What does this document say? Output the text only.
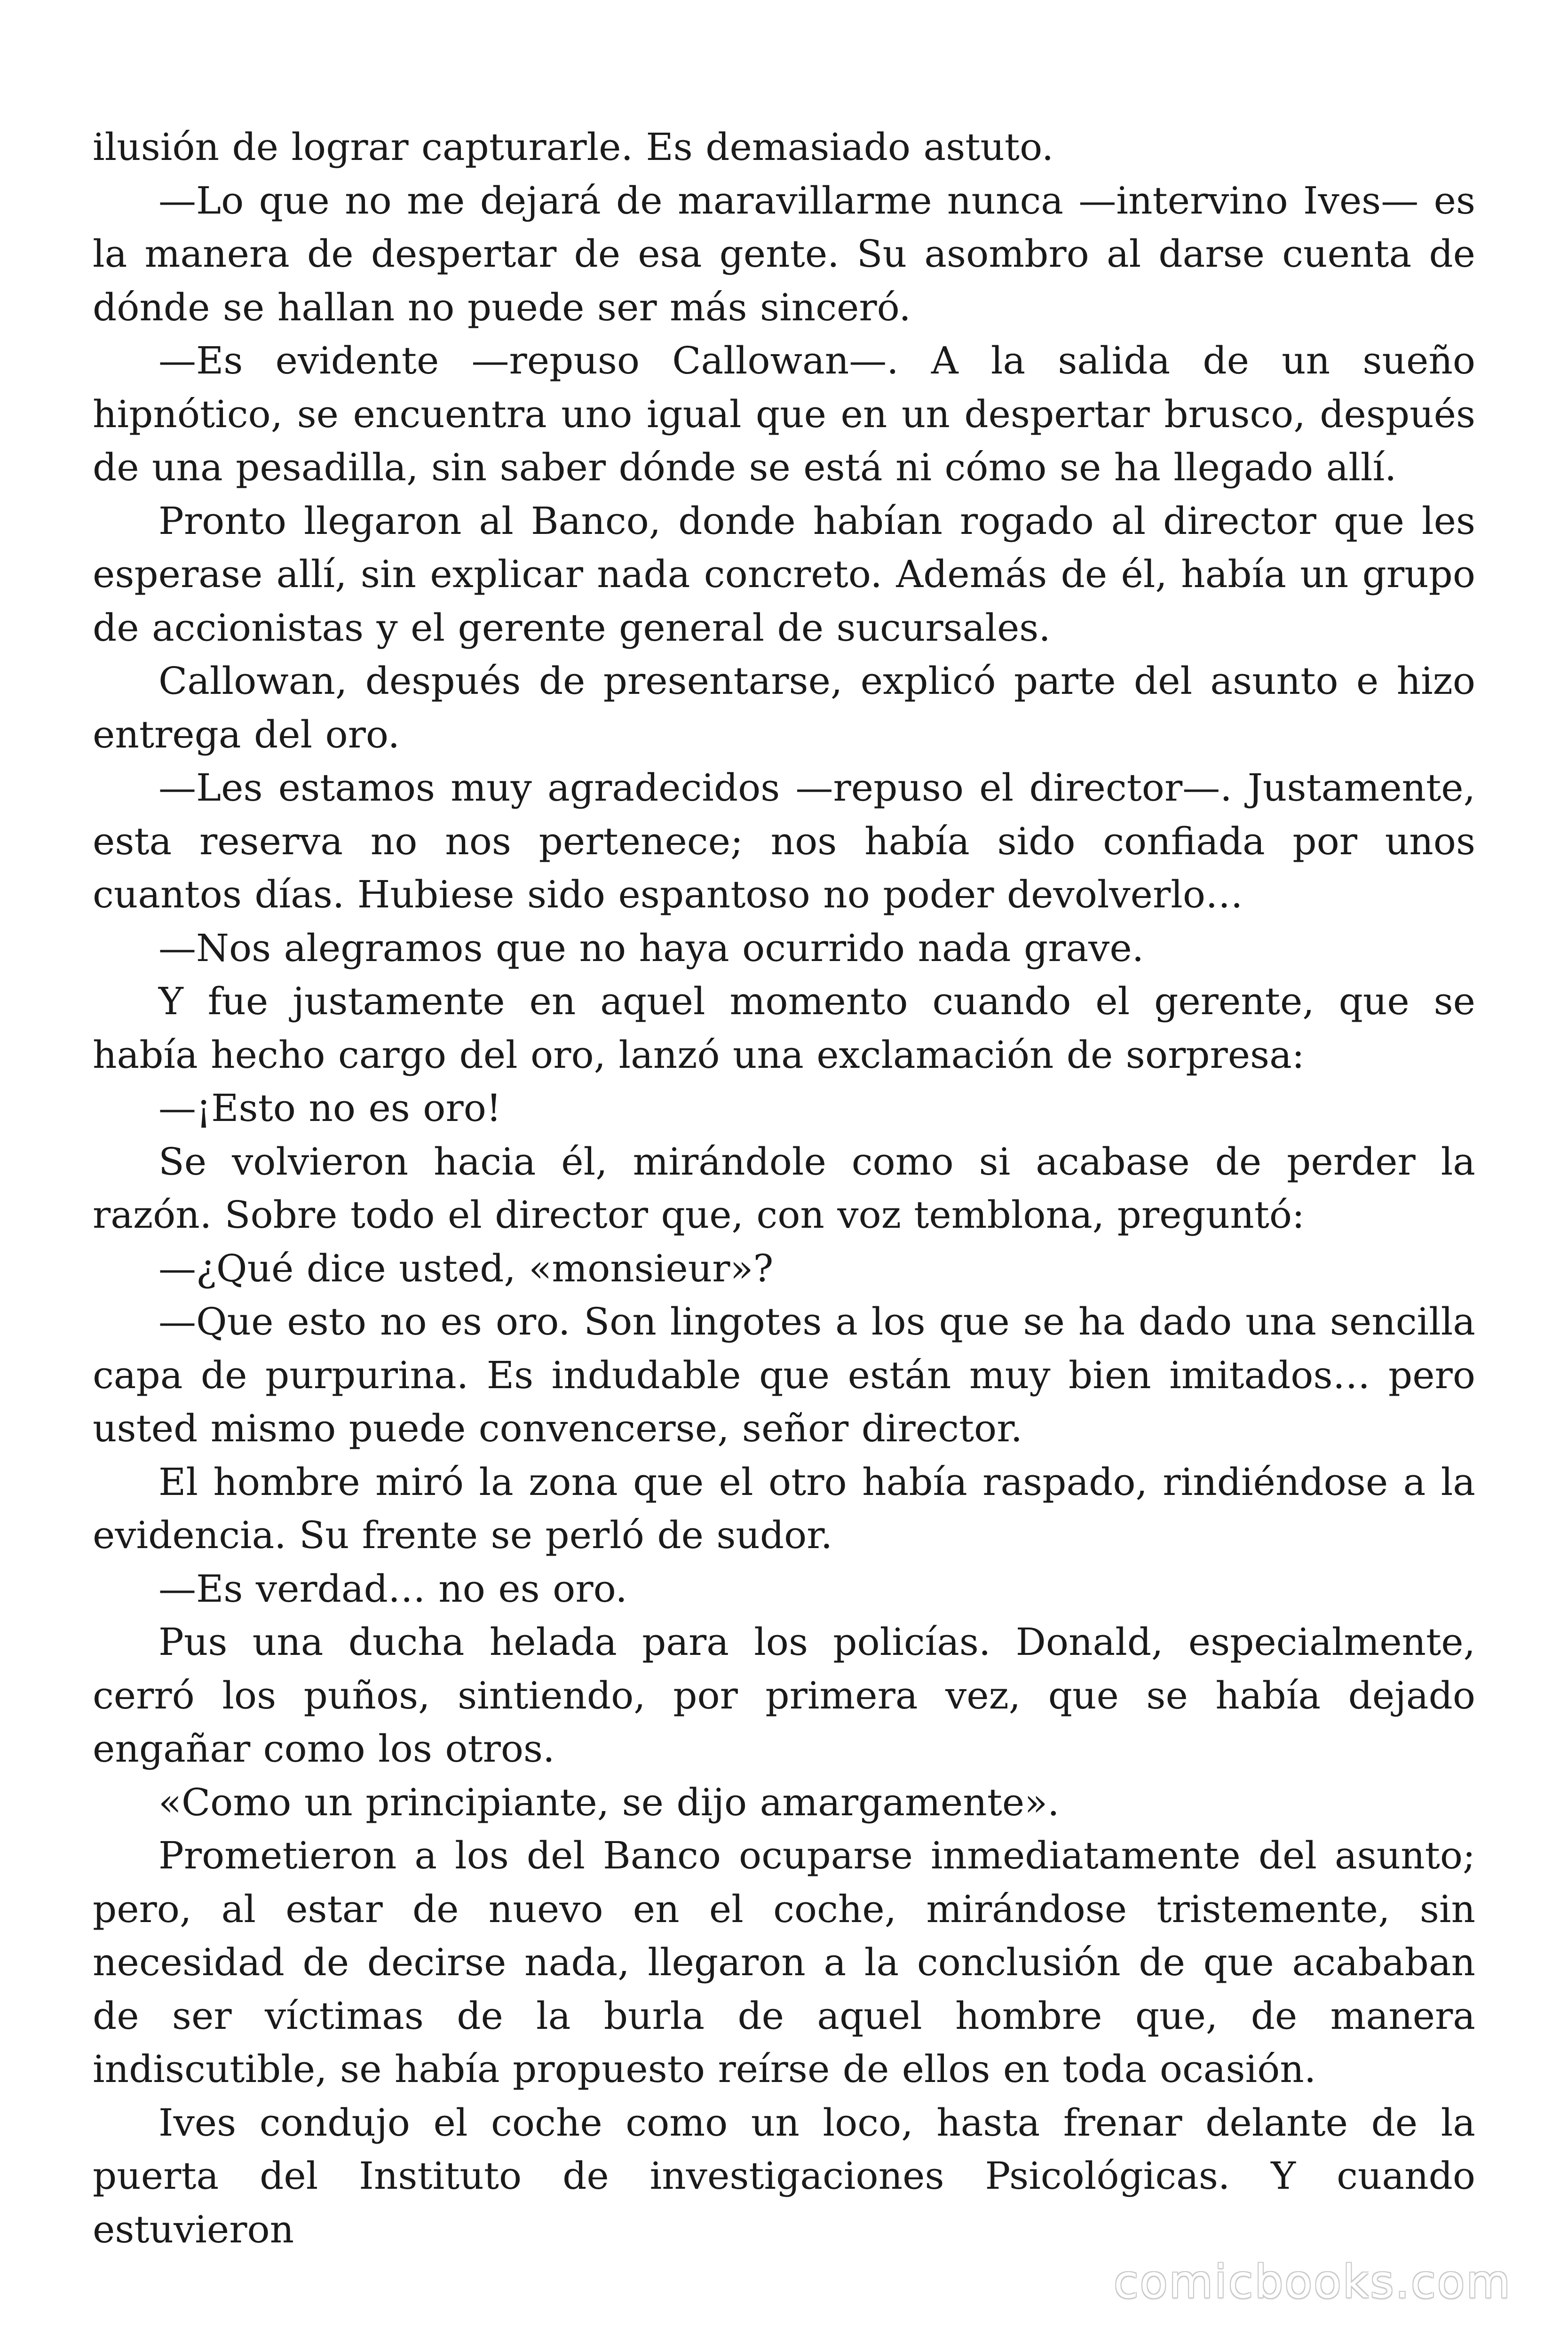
ilusión de lograr capturarle. Es demasiado astuto.

—Lo que no me dejará de maravillarme nunca —intervino Ives— es la manera de despertar de esa gente. Su asombro al darse cuenta de dónde se hallan no puede ser más sinceró.

—Es evidente —repuso Callowan—. A la salida de un sueño hipnótico, se encuentra uno igual que en un despertar brusco, después de una pesadilla, sin saber dónde se está ni cómo se ha llegado allí.

Pronto llegaron al Banco, donde habían rogado al director que les esperase allí, sin explicar nada concreto. Además de él, había un grupo de accionistas y el gerente general de sucursales.

Callowan, después de presentarse, explicó parte del asunto e hizo entrega del oro.

—Les estamos muy agradecidos —repuso el director—. Justamente, esta reserva no nos pertenece; nos había sido confiada por unos cuantos días. Hubiese sido espantoso no poder devolverlo…

—Nos alegramos que no haya ocurrido nada grave.

Y fue justamente en aquel momento cuando el gerente, que se había hecho cargo del oro, lanzó una exclamación de sorpresa:

—¡Esto no es oro!

Se volvieron hacia él, mirándole como si acabase de perder la razón. Sobre todo el director que, con voz temblona, preguntó:

—¿Qué dice usted, «monsieur»?

—Que esto no es oro. Son lingotes a los que se ha dado una sencilla capa de purpurina. Es indudable que están muy bien imitados… pero usted mismo puede convencerse, señor director.

El hombre miró la zona que el otro había raspado, rindiéndose a la evidencia. Su frente se perló de sudor.

—Es verdad… no es oro.

Pus una ducha helada para los policías. Donald, especialmente, cerró los puños, sintiendo, por primera vez, que se había dejado engañar como los otros.

«Como un principiante, se dijo amargamente».

Prometieron a los del Banco ocuparse inmediatamente del asunto; pero, al estar de nuevo en el coche, mirándose tristemente, sin necesidad de decirse nada, llegaron a la conclusión de que acababan de ser víctimas de la burla de aquel hombre que, de manera indiscutible, se había propuesto reírse de ellos en toda ocasión.

Ives condujo el coche como un loco, hasta frenar delante de la puerta del Instituto de investigaciones Psicológicas. Y cuando estuvieron

comicbooks.com
